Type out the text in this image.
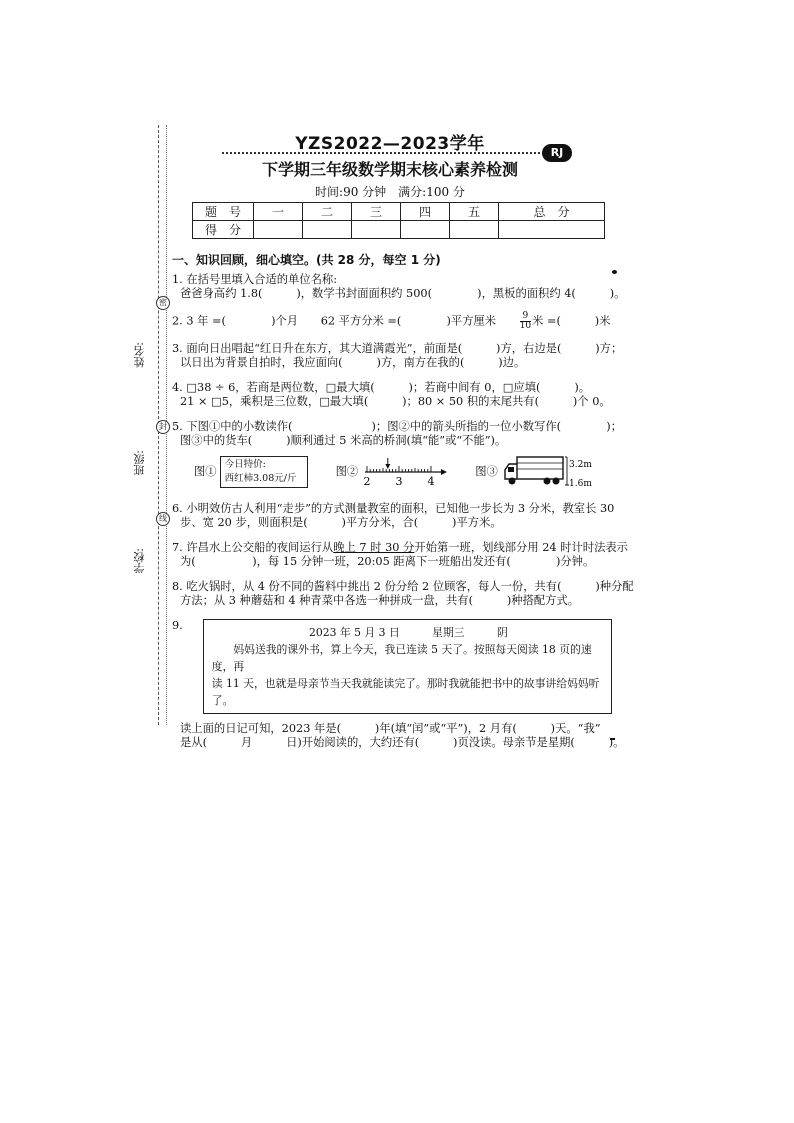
密
封
线
姓名:
班级:
学校:
YZS2022—2023学年	RJ
下学期三年级数学期末核心素养检测
时间:90 分钟　满分:100 分
题　号	一	二	三	四	五	总　分
得　分						
一、知识回顾，细心填空。(共 28 分，每空 1 分)
1. 在括号里填入合适的单位名称:
爸爸身高约 1.8(　　　)，数学书封面面积约 500(　　　　)，黑板的面积约 4(　　　)。
2. 3 年 =(　　　　)个月　　62 平方分米 =(　　　　)平方厘米　　 $\frac{9}{10}$ 米 =(　　　)米
3. 面向日出唱起“红日升在东方，其大道满霞光”，前面是(　　　)方，右边是(　　　)方；
以日出为背景自拍时，我应面向(　　　)方，南方在我的(　　　)边。
4. □38 ÷ 6，若商是两位数，□最大填(　　　)；若商中间有 0，□应填(　　　)。
21 × □5，乘积是三位数，□最大填(　　　)；80 × 50 积的末尾共有(　　　)个 0。
5. 下图①中的小数读作(　　　　　　　)；图②中的箭头所指的一位小数写作(　　　　)；
图③中的货车(　　　)顺利通过 5 米高的桥洞(填“能”或“不能”)。
图①
今日特价:
西红柿3.08元/斤
图②
2 3 4
图③	3.2m
1.6m
6. 小明效仿古人利用“走步”的方式测量教室的面积，已知他一步长为 3 分米，教室长 30
步、宽 20 步，则面积是(　　　)平方分米，合(　　　)平方米。
7. 许昌水上公交船的夜间运行从晚上 7 时 30 分开始第一班，划线部分用 24 时计时法表示
为(　　　　　)，每 15 分钟一班，20:05 距离下一班船出发还有(　　　　)分钟。
8. 吃火锅时，从 4 份不同的酱料中挑出 2 份分给 2 位顾客，每人一份，共有(　　　)种分配
方法；从 3 种蘑菇和 4 种青菜中各选一种拼成一盘，共有(　　　)种搭配方式。
9.
2023 年 5 月 3 日　　　星期三　　　阴
　　妈妈送我的课外书，算上今天，我已连读 5 天了。按照每天阅读 18 页的速度，再
读 11 天，也就是母亲节当天我就能读完了。那时我就能把书中的故事讲给妈妈听了。
读上面的日记可知，2023 年是(　　　)年(填“闰”或“平”)，2 月有(　　　)天。“我”
是从(　　　月　　　日)开始阅读的，大约还有(　　　)页没读。母亲节是星期(　　　)。
